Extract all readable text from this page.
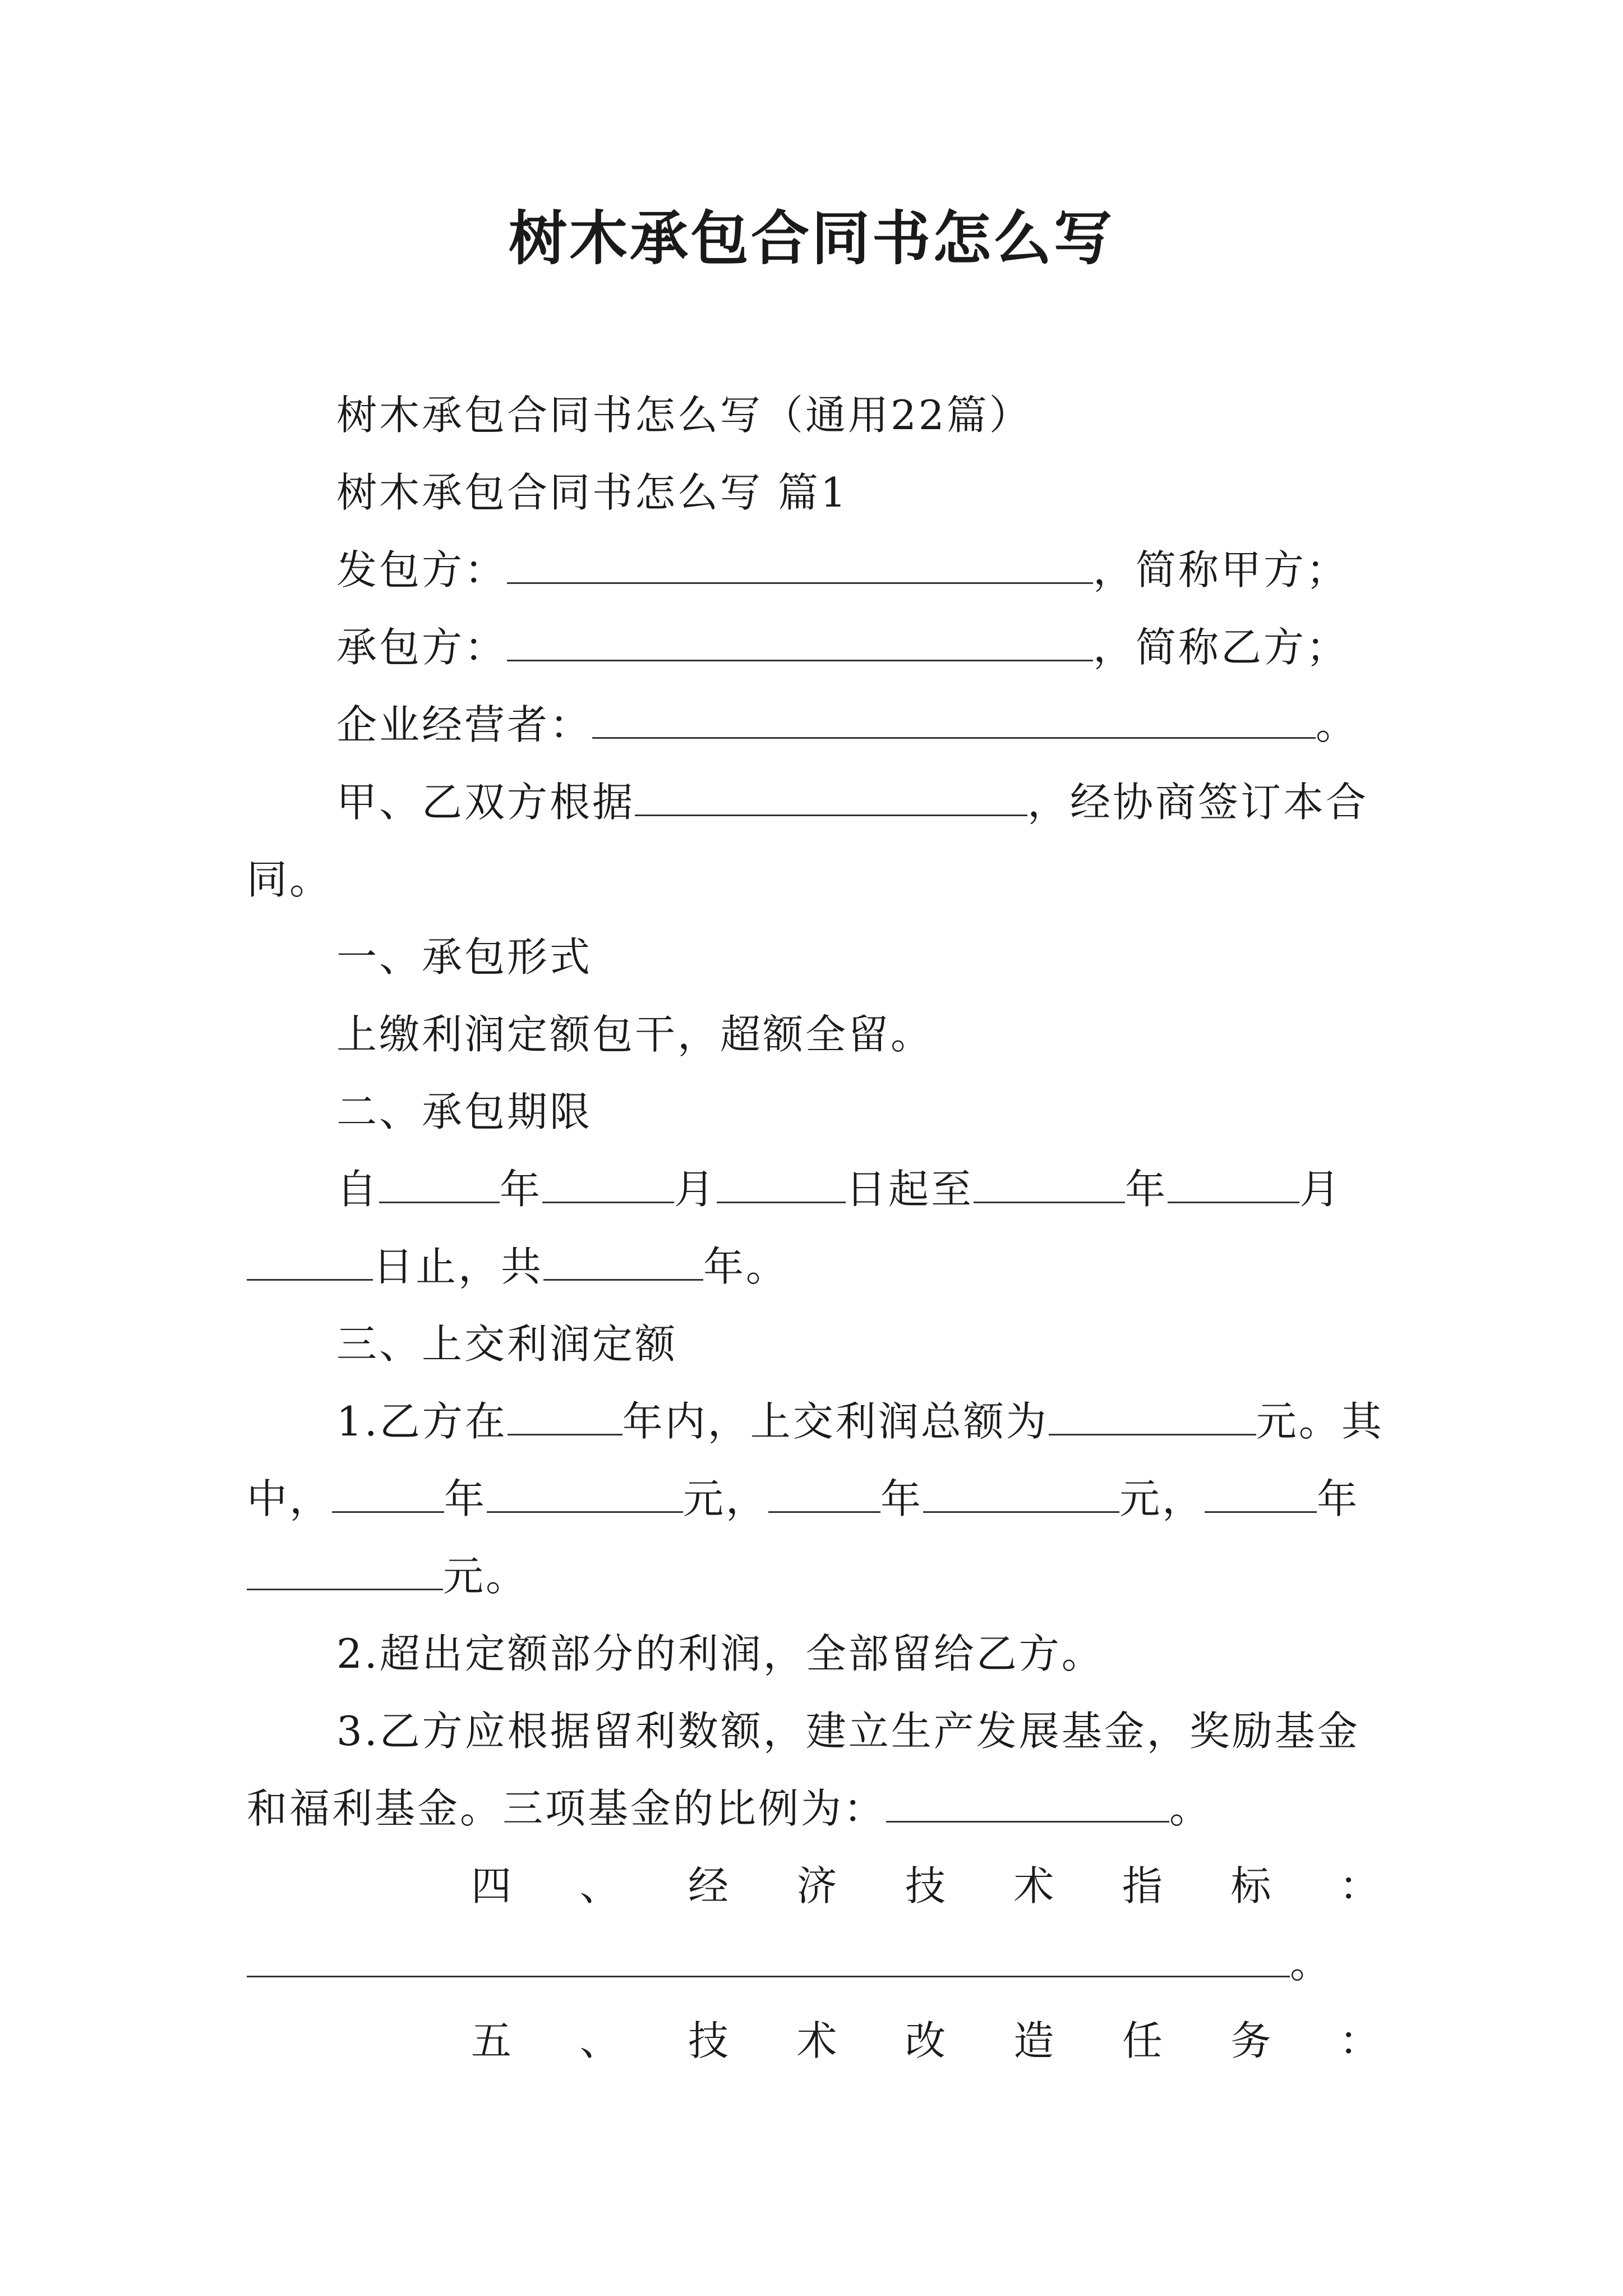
树木承包合同书怎么写
树木承包合同书怎么写（通用22篇）
树木承包合同书怎么写 篇1
发包方：	，简称甲方；
承包方：	，简称乙方；
企业经营者：	。
甲、乙双方根据	，经协商签订本合
同。
一、承包形式
上缴利润定额包干，超额全留。
二、承包期限
自	年	月	日起至	年	月
日止，共	年。
三、上交利润定额
1.乙方在	年内，上交利润总额为	元。其
中，	年	元，	年	元，	年
元。
2.超出定额部分的利润，全部留给乙方。
3.乙方应根据留利数额，建立生产发展基金，奖励基金
和福利基金。三项基金的比例为：	。
四 、 经 济 技 术 指 标 ：
。
五 、 技 术 改 造 任 务 ：
